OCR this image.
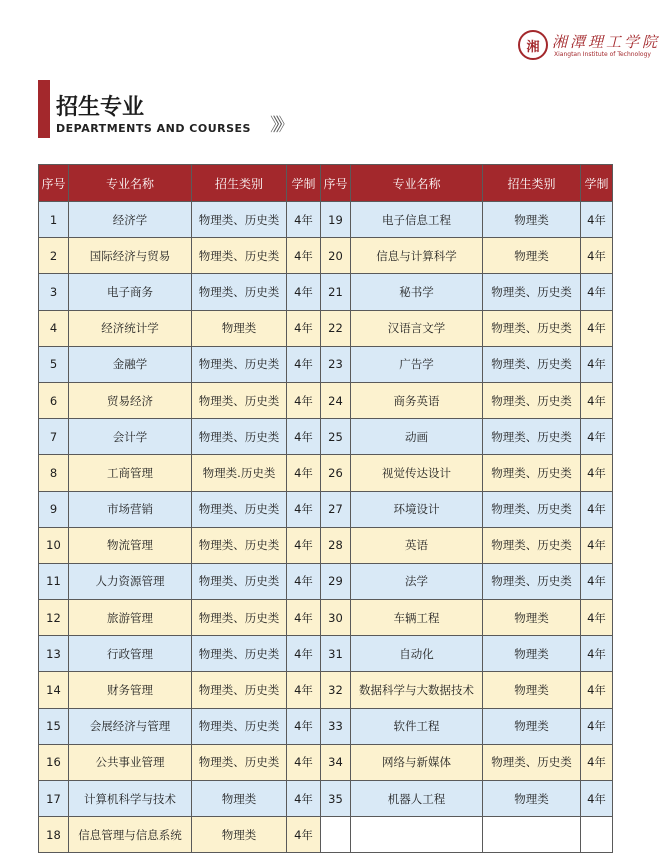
湘 湘潭理工学院
Xiangtan Institute of Technology
招生专业
DEPARTMENTS AND COURSES 》》》
序号	专业名称	招生类别	学制	序号	专业名称	招生类别	学制
1	经济学	物理类、历史类	4年	19	电子信息工程	物理类	4年
2	国际经济与贸易	物理类、历史类	4年	20	信息与计算科学	物理类	4年
3	电子商务	物理类、历史类	4年	21	秘书学	物理类、历史类	4年
4	经济统计学	物理类	4年	22	汉语言文学	物理类、历史类	4年
5	金融学	物理类、历史类	4年	23	广告学	物理类、历史类	4年
6	贸易经济	物理类、历史类	4年	24	商务英语	物理类、历史类	4年
7	会计学	物理类、历史类	4年	25	动画	物理类、历史类	4年
8	工商管理	物理类.历史类	4年	26	视觉传达设计	物理类、历史类	4年
9	市场营销	物理类、历史类	4年	27	环境设计	物理类、历史类	4年
10	物流管理	物理类、历史类	4年	28	英语	物理类、历史类	4年
11	人力资源管理	物理类、历史类	4年	29	法学	物理类、历史类	4年
12	旅游管理	物理类、历史类	4年	30	车辆工程	物理类	4年
13	行政管理	物理类、历史类	4年	31	自动化	物理类	4年
14	财务管理	物理类、历史类	4年	32	数据科学与大数据技术	物理类	4年
15	会展经济与管理	物理类、历史类	4年	33	软件工程	物理类	4年
16	公共事业管理	物理类、历史类	4年	34	网络与新媒体	物理类、历史类	4年
17	计算机科学与技术	物理类	4年	35	机器人工程	物理类	4年
18	信息管理与信息系统	物理类	4年				
